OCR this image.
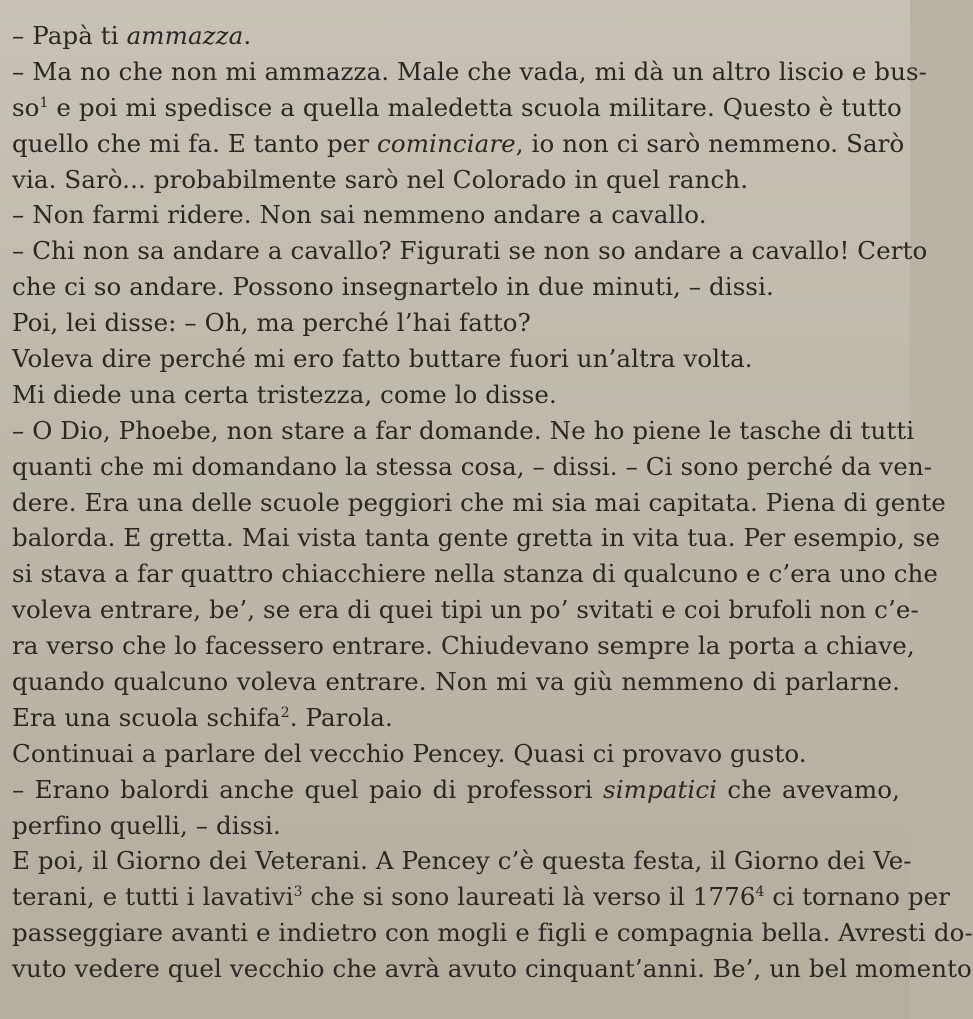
– Papà ti ammazza.
– Ma no che non mi ammazza. Male che vada, mi dà un altro liscio e bus-
$so^1$ e poi mi spedisce a quella maledetta scuola militare. Questo è tutto
quello che mi fa. E tanto per cominciare, io non ci sarò nemmeno. Sarò
via. Sarò... probabilmente sarò nel Colorado in quel ranch.
– Non farmi ridere. Non sai nemmeno andare a cavallo.
– Chi non sa andare a cavallo? Figurati se non so andare a cavallo! Certo
che ci so andare. Possono insegnartelo in due minuti, – dissi.
Poi, lei disse: – Oh, ma perché l’hai fatto?
Voleva dire perché mi ero fatto buttare fuori un’altra volta.
Mi diede una certa tristezza, come lo disse.
– O Dio, Phoebe, non stare a far domande. Ne ho piene le tasche di tutti
quanti che mi domandano la stessa cosa, – dissi. – Ci sono perché da ven-
dere. Era una delle scuole peggiori che mi sia mai capitata. Piena di gente
balorda. E gretta. Mai vista tanta gente gretta in vita tua. Per esempio, se
si stava a far quattro chiacchiere nella stanza di qualcuno e c’era uno che
voleva entrare, be’, se era di quei tipi un po’ svitati e coi brufoli non c’e-
ra verso che lo facessero entrare. Chiudevano sempre la porta a chiave,
quando qualcuno voleva entrare. Non mi va giù nemmeno di parlarne.
Era una scuola schifa$^2$. Parola.
Continuai a parlare del vecchio Pencey. Quasi ci provavo gusto.
– Erano balordi anche quel paio di professori simpatici che avevamo,
perfino quelli, – dissi.
E poi, il Giorno dei Veterani. A Pencey c’è questa festa, il Giorno dei Ve-
terani, e tutti i lavativi$^3$ che si sono laureati là verso il 1776$^4$ ci tornano per
passeggiare avanti e indietro con mogli e figli e compagnia bella. Avresti do-
vuto vedere quel vecchio che avrà avuto cinquant’anni. Be’, un bel momento
